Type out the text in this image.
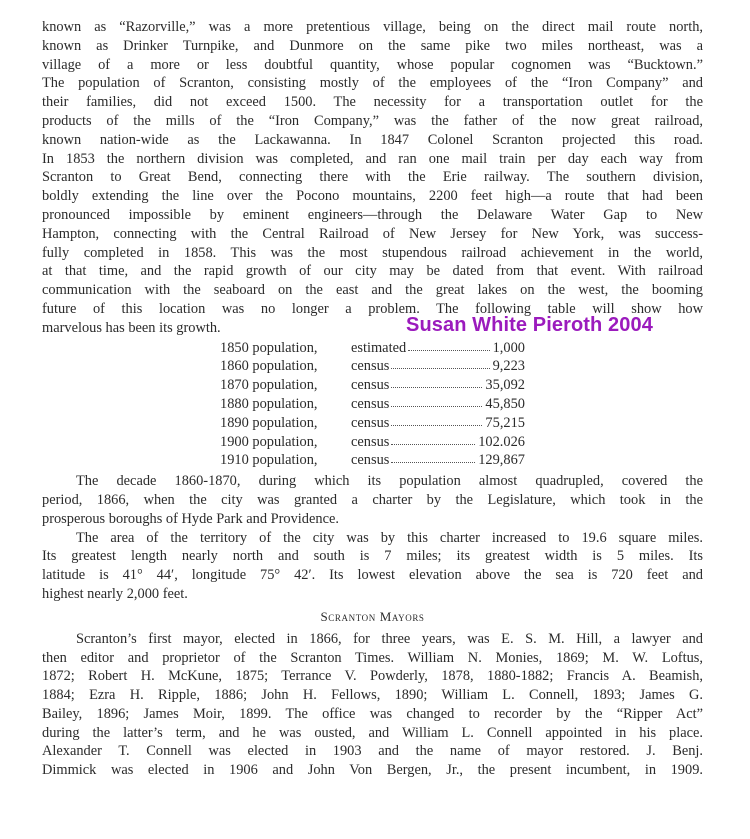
known as “Razorville,” was a more pretentious village, being on the direct mail route north,
known as Drinker Turnpike, and Dunmore on the same pike two miles northeast, was a
village of a more or less doubtful quantity, whose popular cognomen was “Bucktown.”
The population of Scranton, consisting mostly of the employees of the “Iron Company” and
their families, did not exceed 1500. The necessity for a transportation outlet for the
products of the mills of the “Iron Company,” was the father of the now great railroad,
known nation-wide as the Lackawanna. In 1847 Colonel Scranton projected this road.
In 1853 the northern division was completed, and ran one mail train per day each way from
Scranton to Great Bend, connecting there with the Erie railway. The southern division,
boldly extending the line over the Pocono mountains, 2200 feet high—a route that had been
pronounced impossible by eminent engineers—through the Delaware Water Gap to New
Hampton, connecting with the Central Railroad of New Jersey for New York, was success-
fully completed in 1858. This was the most stupendous railroad achievement in the world,
at that time, and the rapid growth of our city may be dated from that event. With railroad
communication with the seaboard on the east and the great lakes on the west, the booming
future of this location was no longer a problem. The following table will show how
marvelous has been its growth.	Susan White Pieroth 2004
1850 population, estimated	1,000
1860 population, census	9,223
1870 population, census	35,092
1880 population, census	45,850
1890 population, census	75,215
1900 population, census	102.026
1910 population, census	129,867
The decade 1860-1870, during which its population almost quadrupled, covered the
period, 1866, when the city was granted a charter by the Legislature, which took in the
prosperous boroughs of Hyde Park and Providence.
The area of the territory of the city was by this charter increased to 19.6 square miles.
Its greatest length nearly north and south is 7 miles; its greatest width is 5 miles. Its
latitude is 41° 44′, longitude 75° 42′. Its lowest elevation above the sea is 720 feet and
highest nearly 2,000 feet.
Scranton Mayors
Scranton’s first mayor, elected in 1866, for three years, was E. S. M. Hill, a lawyer and
then editor and proprietor of the Scranton Times. William N. Monies, 1869; M. W. Loftus,
1872; Robert H. McKune, 1875; Terrance V. Powderly, 1878, 1880-1882; Francis A. Beamish,
1884; Ezra H. Ripple, 1886; John H. Fellows, 1890; William L. Connell, 1893; James G.
Bailey, 1896; James Moir, 1899. The office was changed to recorder by the “Ripper Act”
during the latter’s term, and he was ousted, and William L. Connell appointed in his place.
Alexander T. Connell was elected in 1903 and the name of mayor restored. J. Benj.
Dimmick was elected in 1906 and John Von Bergen, Jr., the present incumbent, in 1909.
